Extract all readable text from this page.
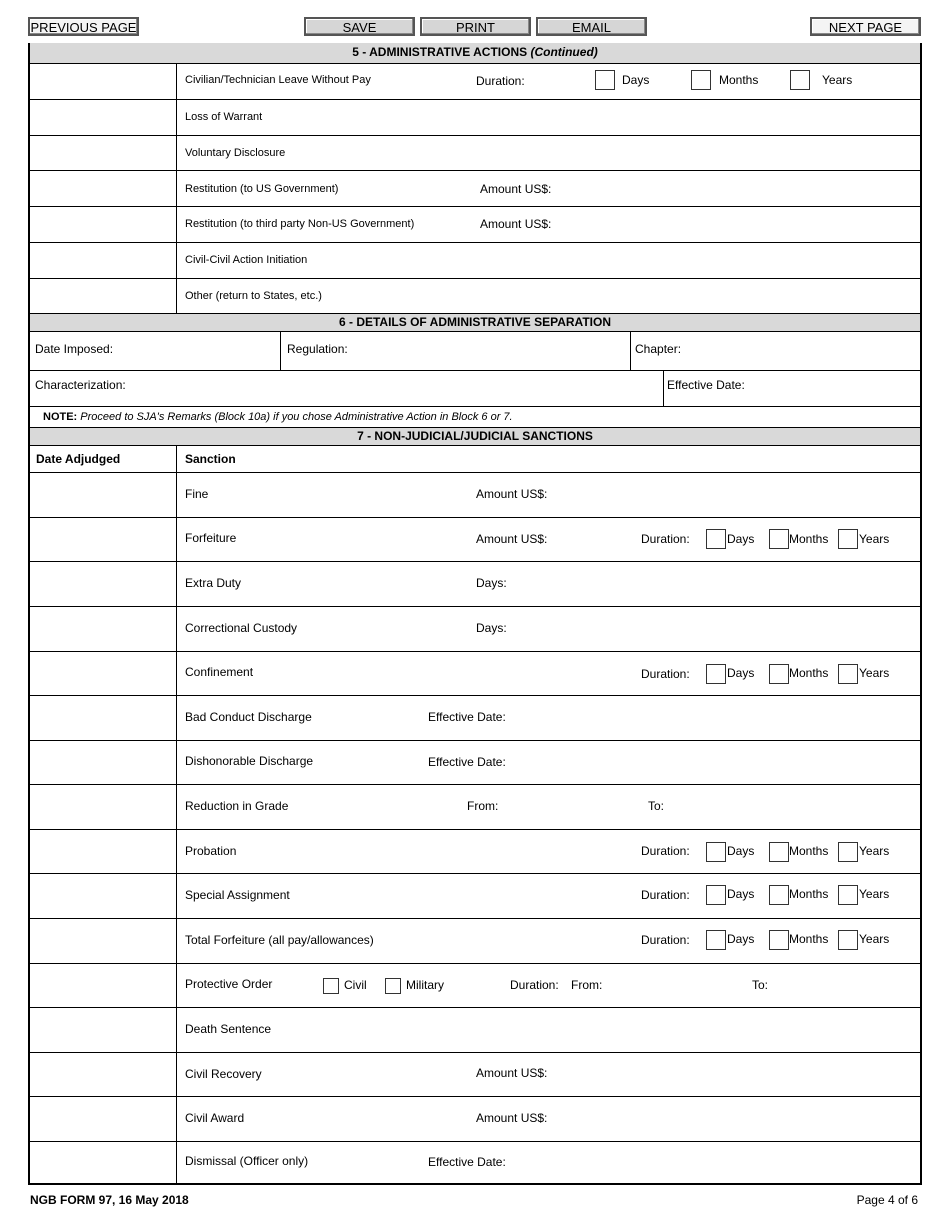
PREVIOUS PAGE	SAVE	PRINT	EMAIL	NEXT PAGE
5 - ADMINISTRATIVE ACTIONS (Continued)
Civilian/Technician Leave Without Pay	Duration:	Days	Months	Years
Loss of Warrant
Voluntary Disclosure
Restitution (to US Government)	Amount US$:
Restitution (to third party Non-US Government)	Amount US$:
Civil-Civil Action Initiation
Other (return to States, etc.)
6 - DETAILS OF ADMINISTRATIVE SEPARATION
Date Imposed:	Regulation:	Chapter:
Characterization:	Effective Date:
NOTE: Proceed to SJA's Remarks (Block 10a) if you chose Administrative Action in Block 6 or 7.
7 - NON-JUDICIAL/JUDICIAL SANCTIONS
Date Adjudged	Sanction
Fine	Amount US$:
Forfeiture	Amount US$:	Duration:	Days	Months	Years
Extra Duty	Days:
Correctional Custody	Days:
Confinement	Duration:	Days	Months	Years
Bad Conduct Discharge	Effective Date:
Dishonorable Discharge	Effective Date:
Reduction in Grade	From:	To:
Probation	Duration:	Days	Months	Years
Special Assignment	Duration:	Days	Months	Years
Total Forfeiture (all pay/allowances)	Duration:	Days	Months	Years
Protective Order	Civil	Military	Duration: From:	To:
Death Sentence
Civil Recovery	Amount US$:
Civil Award	Amount US$:
Dismissal (Officer only)	Effective Date:
NGB FORM 97, 16 May 2018	Page 4 of 6
